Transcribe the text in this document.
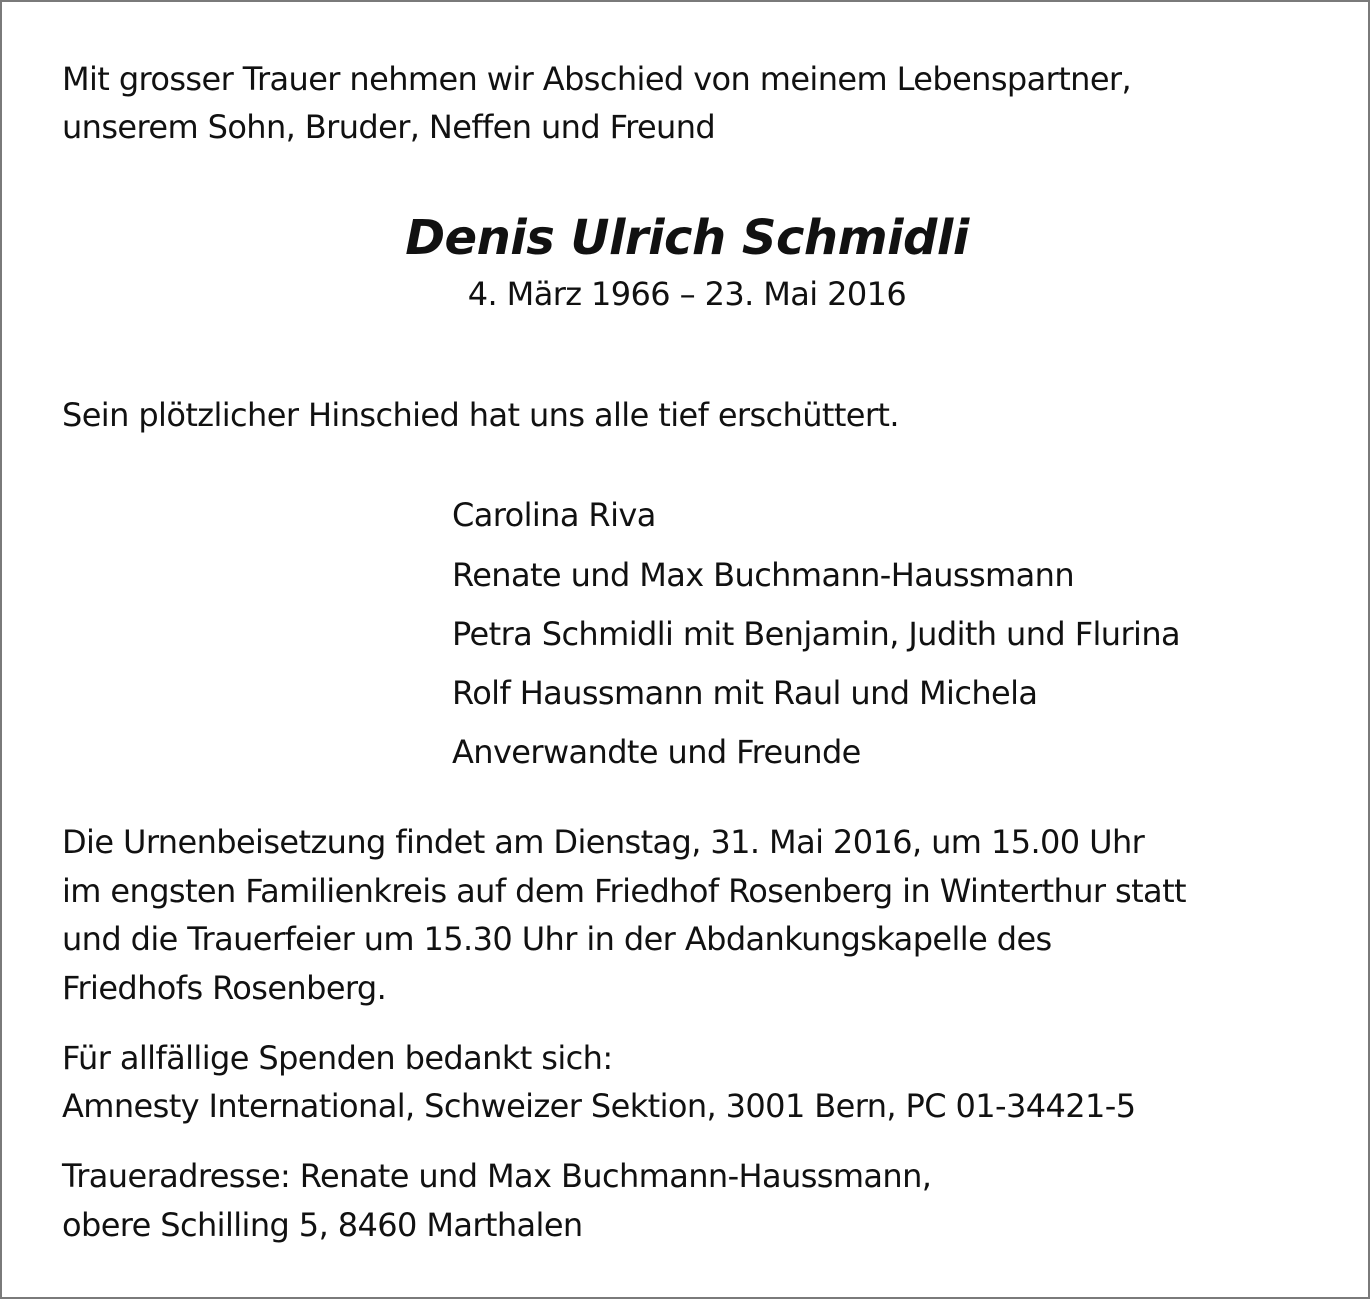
Mit grosser Trauer nehmen wir Abschied von meinem Lebenspartner,
unserem Sohn, Bruder, Neffen und Freund
Denis Ulrich Schmidli
4. März 1966 – 23. Mai 2016
Sein plötzlicher Hinschied hat uns alle tief erschüttert.
Carolina Riva
Renate und Max Buchmann-Haussmann
Petra Schmidli mit Benjamin, Judith und Flurina
Rolf Haussmann mit Raul und Michela
Anverwandte und Freunde
Die Urnenbeisetzung findet am Dienstag, 31. Mai 2016, um 15.00 Uhr
im engsten Familienkreis auf dem Friedhof Rosenberg in Winterthur statt
und die Trauerfeier um 15.30 Uhr in der Abdankungskapelle des
Friedhofs Rosenberg.
Für allfällige Spenden bedankt sich:
Amnesty International, Schweizer Sektion, 3001 Bern, PC 01-34421-5
Traueradresse: Renate und Max Buchmann-Haussmann,
obere Schilling 5, 8460 Marthalen
